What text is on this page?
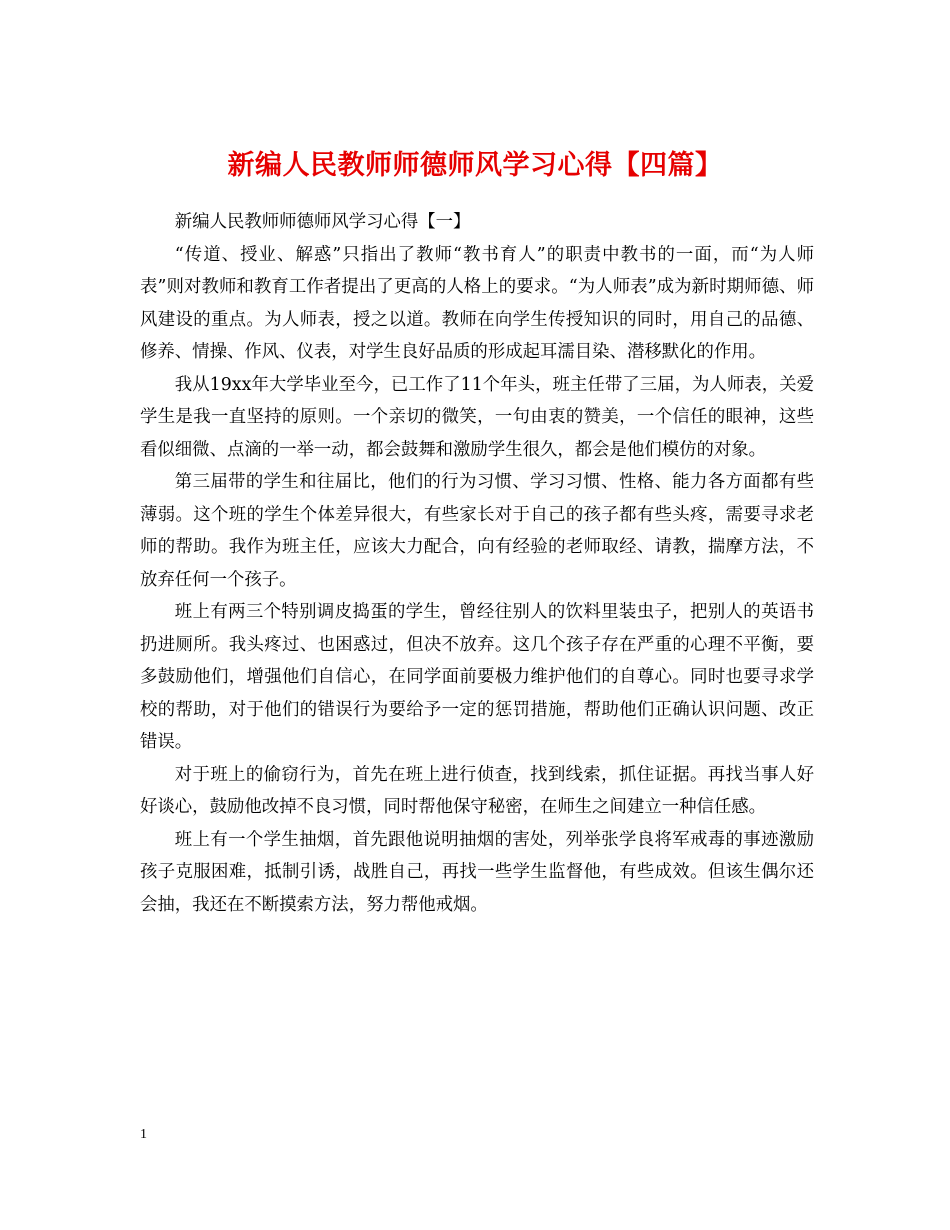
新编人民教师师德师风学习心得【四篇】

新编人民教师师德师风学习心得【一】

“传道、授业、解惑”只指出了教师“教书育人”的职责中教书的一面，而“为人师表”则对教师和教育工作者提出了更高的人格上的要求。“为人师表”成为新时期师德、师风建设的重点。为人师表，授之以道。教师在向学生传授知识的同时，用自己的品德、修养、情操、作风、仪表，对学生良好品质的形成起耳濡目染、潜移默化的作用。

我从19xx年大学毕业至今，已工作了11个年头，班主任带了三届，为人师表，关爱学生是我一直坚持的原则。一个亲切的微笑，一句由衷的赞美，一个信任的眼神，这些看似细微、点滴的一举一动，都会鼓舞和激励学生很久，都会是他们模仿的对象。

第三届带的学生和往届比，他们的行为习惯、学习习惯、性格、能力各方面都有些薄弱。这个班的学生个体差异很大，有些家长对于自己的孩子都有些头疼，需要寻求老师的帮助。我作为班主任，应该大力配合，向有经验的老师取经、请教，揣摩方法，不放弃任何一个孩子。

班上有两三个特别调皮捣蛋的学生，曾经往别人的饮料里装虫子，把别人的英语书扔进厕所。我头疼过、也困惑过，但决不放弃。这几个孩子存在严重的心理不平衡，要多鼓励他们，增强他们自信心，在同学面前要极力维护他们的自尊心。同时也要寻求学校的帮助，对于他们的错误行为要给予一定的惩罚措施，帮助他们正确认识问题、改正错误。

对于班上的偷窃行为，首先在班上进行侦查，找到线索，抓住证据。再找当事人好好谈心，鼓励他改掉不良习惯，同时帮他保守秘密，在师生之间建立一种信任感。

班上有一个学生抽烟，首先跟他说明抽烟的害处，列举张学良将军戒毒的事迹激励孩子克服困难，抵制引诱，战胜自己，再找一些学生监督他，有些成效。但该生偶尔还会抽，我还在不断摸索方法，努力帮他戒烟。

1
